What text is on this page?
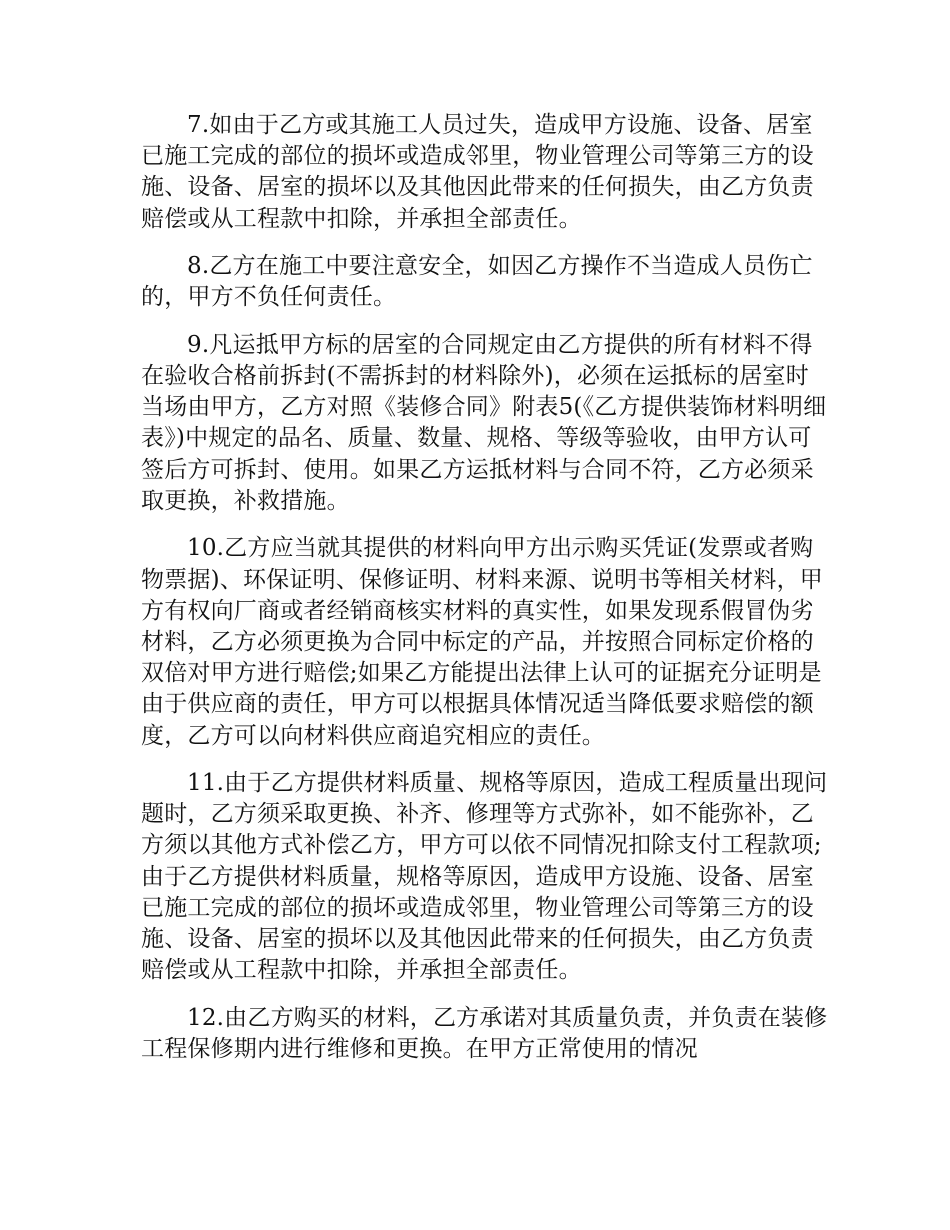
7.如由于乙方或其施工人员过失，造成甲方设施、设备、居室已施工完成的部位的损坏或造成邻里，物业管理公司等第三方的设施、设备、居室的损坏以及其他因此带来的任何损失，由乙方负责赔偿或从工程款中扣除，并承担全部责任。

8.乙方在施工中要注意安全，如因乙方操作不当造成人员伤亡的，甲方不负任何责任。

9.凡运抵甲方标的居室的合同规定由乙方提供的所有材料不得在验收合格前拆封(不需拆封的材料除外)，必须在运抵标的居室时当场由甲方，乙方对照《装修合同》附表5(《乙方提供装饰材料明细表》)中规定的品名、质量、数量、规格、等级等验收，由甲方认可签后方可拆封、使用。如果乙方运抵材料与合同不符，乙方必须采取更换，补救措施。

10.乙方应当就其提供的材料向甲方出示购买凭证(发票或者购物票据)、环保证明、保修证明、材料来源、说明书等相关材料，甲方有权向厂商或者经销商核实材料的真实性，如果发现系假冒伪劣材料，乙方必须更换为合同中标定的产品，并按照合同标定价格的双倍对甲方进行赔偿;如果乙方能提出法律上认可的证据充分证明是由于供应商的责任，甲方可以根据具体情况适当降低要求赔偿的额度，乙方可以向材料供应商追究相应的责任。

11.由于乙方提供材料质量、规格等原因，造成工程质量出现问题时，乙方须采取更换、补齐、修理等方式弥补，如不能弥补，乙方须以其他方式补偿乙方，甲方可以依不同情况扣除支付工程款项;由于乙方提供材料质量，规格等原因，造成甲方设施、设备、居室已施工完成的部位的损坏或造成邻里，物业管理公司等第三方的设施、设备、居室的损坏以及其他因此带来的任何损失，由乙方负责赔偿或从工程款中扣除，并承担全部责任。

12.由乙方购买的材料，乙方承诺对其质量负责，并负责在装修工程保修期内进行维修和更换。在甲方正常使用的情况
